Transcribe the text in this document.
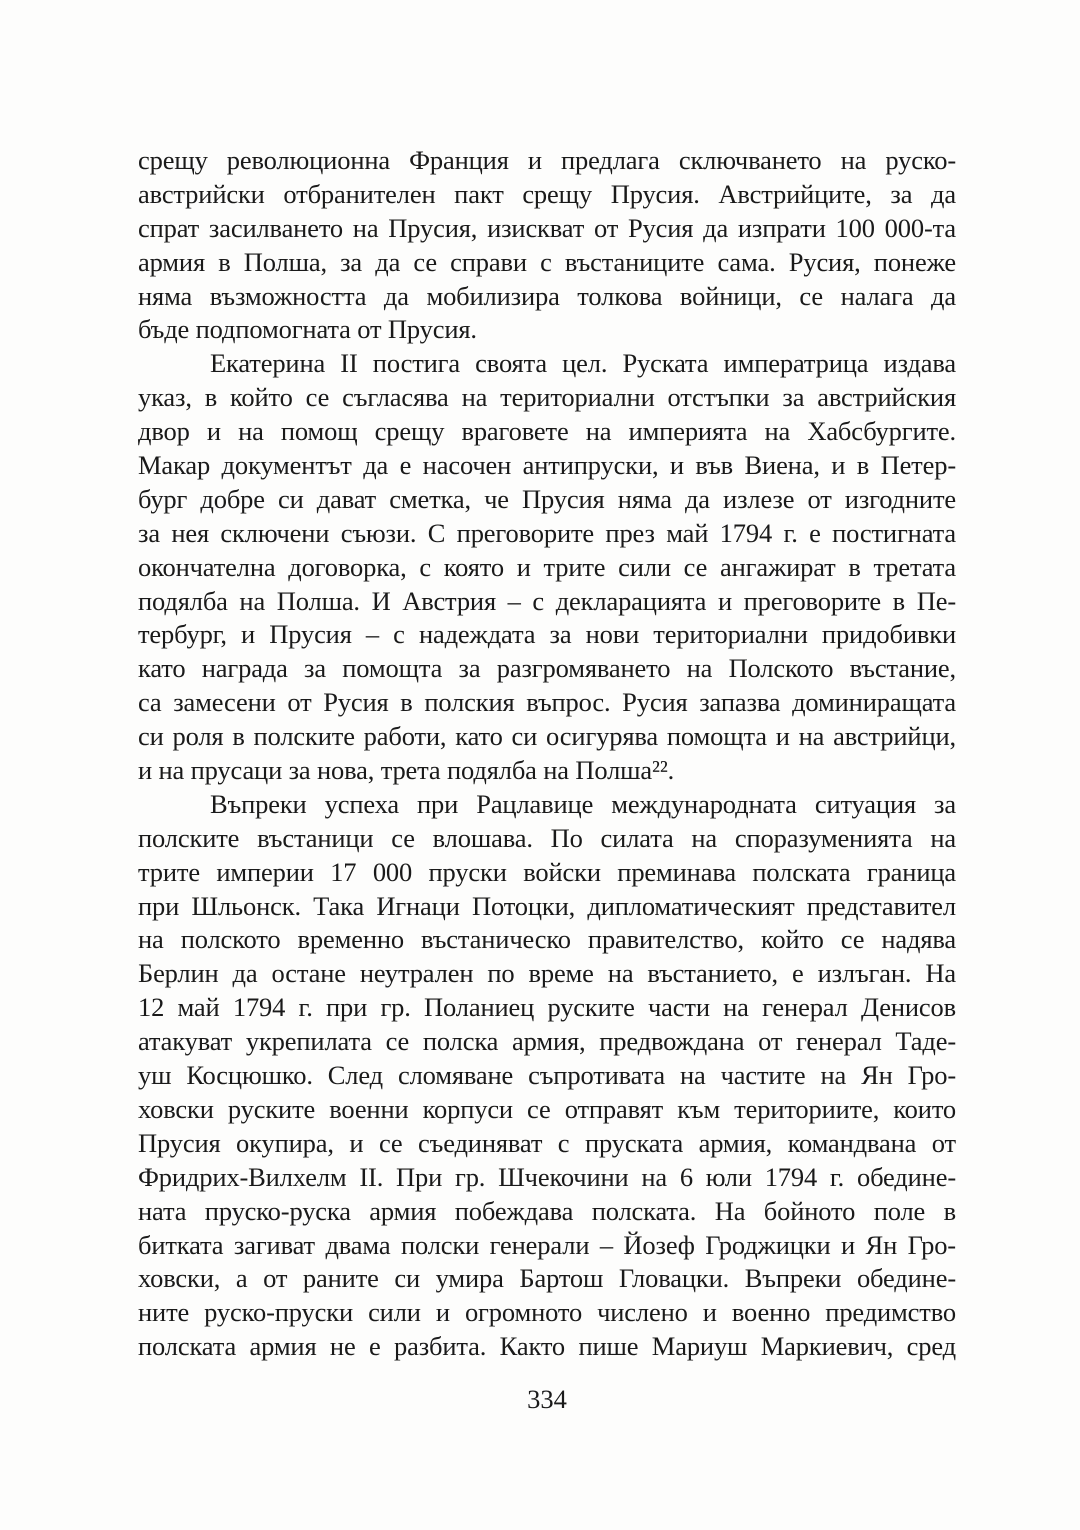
срещу революционна Франция и предлага сключването на руско-
австрийски отбранителен пакт срещу Прусия. Австрийците, за да
спрат засилването на Прусия, изискват от Русия да изпрати 100 000-та
армия в Полша, за да се справи с въстаниците сама. Русия, понеже
няма възможността да мобилизира толкова войници, се налага да
бъде подпомогната от Прусия.
Екатерина II постига своята цел. Руската императрица издава
указ, в който се съгласява на териториални отстъпки за австрийския
двор и на помощ срещу враговете на империята на Хабсбургите.
Макар документът да е насочен антипруски, и във Виена, и в Петер-
бург добре си дават сметка, че Прусия няма да излезе от изгодните
за нея сключени съюзи. С преговорите през май 1794 г. е постигната
окончателна договорка, с която и трите сили се ангажират в третата
подялба на Полша. И Австрия – с декларацията и преговорите в Пе-
тербург, и Прусия – с надеждата за нови териториални придобивки
като награда за помощта за разгромяването на Полското въстание,
са замесени от Русия в полския въпрос. Русия запазва доминиращата
си роля в полските работи, като си осигурява помощта и на австрийци,
и на прусаци за нова, трета подялба на Полша²².
Въпреки успеха при Рацлавице международната ситуация за
полските въстаници се влошава. По силата на споразуменията на
трите империи 17 000 пруски войски преминава полската граница
при Шльонск. Така Игнаци Потоцки, дипломатическият представител
на полското временно въстаническо правителство, който се надява
Берлин да остане неутрален по време на въстанието, е излъган. На
12 май 1794 г. при гр. Поланиец руските части на генерал Денисов
атакуват укрепилата се полска армия, предвождана от генерал Таде-
уш Косцюшко. След сломяване съпротивата на частите на Ян Гро-
ховски руските военни корпуси се отправят към териториите, които
Прусия окупира, и се съединяват с пруската армия, командвана от
Фридрих-Вилхелм II. При гр. Шчекочини на 6 юли 1794 г. обедине-
ната пруско-руска армия побеждава полската. На бойното поле в
битката загиват двама полски генерали – Йозеф Гроджицки и Ян Гро-
ховски, а от раните си умира Бартош Гловацки. Въпреки обедине-
ните руско-пруски сили и огромното числено и военно предимство
полската армия не е разбита. Както пише Мариуш Маркиевич, сред
334
